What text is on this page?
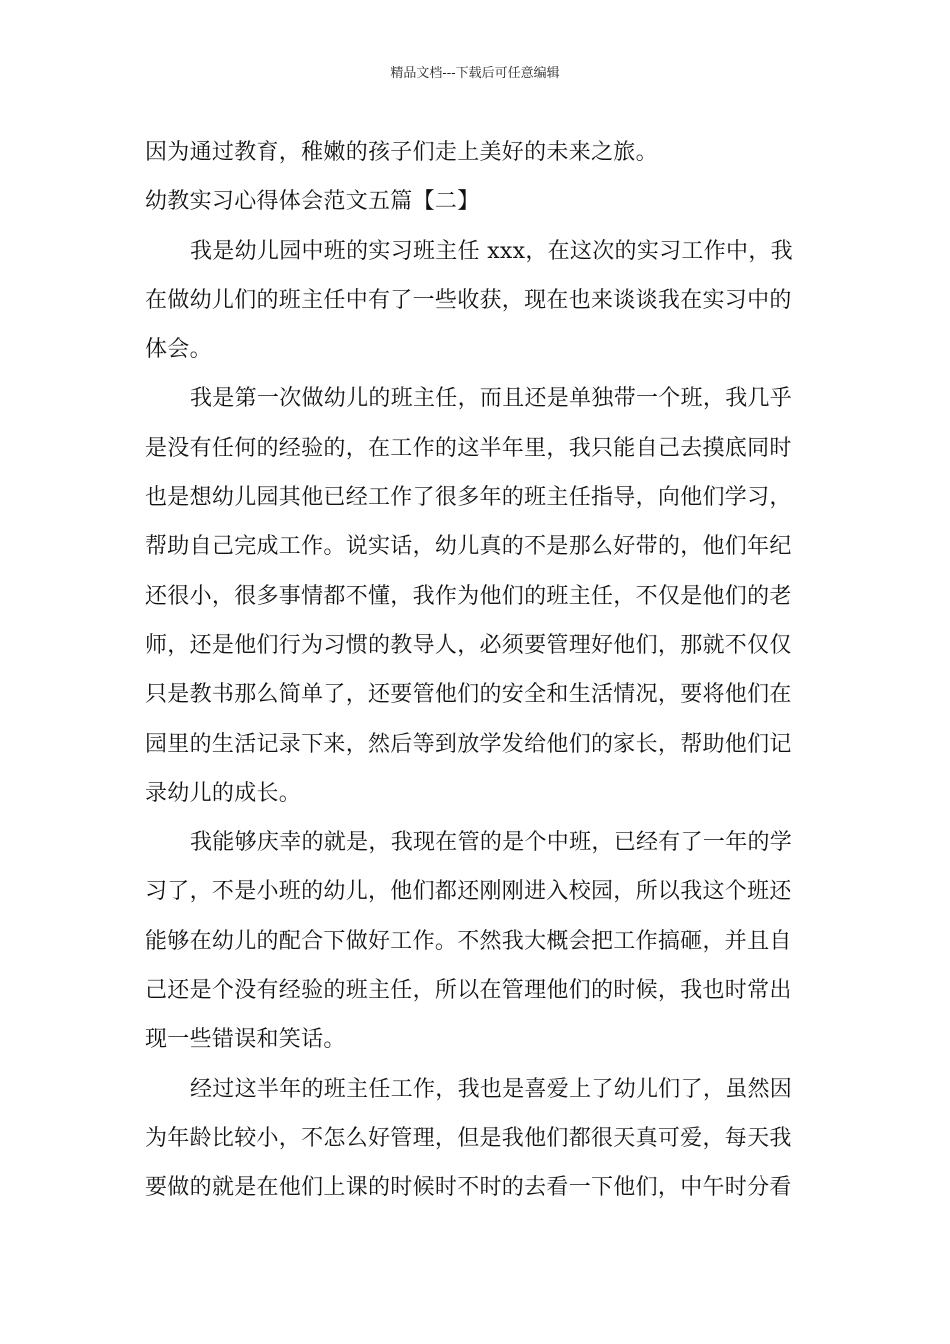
精品文档---下载后可任意编辑
因为通过教育，稚嫩的孩子们走上美好的未来之旅。
幼教实习心得体会范文五篇【二】
我是幼儿园中班的实习班主任 xxx，在这次的实习工作中，我
在做幼儿们的班主任中有了一些收获，现在也来谈谈我在实习中的
体会。
我是第一次做幼儿的班主任，而且还是单独带一个班，我几乎
是没有任何的经验的，在工作的这半年里，我只能自己去摸底同时
也是想幼儿园其他已经工作了很多年的班主任指导，向他们学习，
帮助自己完成工作。说实话，幼儿真的不是那么好带的，他们年纪
还很小，很多事情都不懂，我作为他们的班主任，不仅是他们的老
师，还是他们行为习惯的教导人，必须要管理好他们，那就不仅仅
只是教书那么简单了，还要管他们的安全和生活情况，要将他们在
园里的生活记录下来，然后等到放学发给他们的家长，帮助他们记
录幼儿的成长。
我能够庆幸的就是，我现在管的是个中班，已经有了一年的学
习了，不是小班的幼儿，他们都还刚刚进入校园，所以我这个班还
能够在幼儿的配合下做好工作。不然我大概会把工作搞砸，并且自
己还是个没有经验的班主任，所以在管理他们的时候，我也时常出
现一些错误和笑话。
经过这半年的班主任工作，我也是喜爱上了幼儿们了，虽然因
为年龄比较小，不怎么好管理，但是我他们都很天真可爱，每天我
要做的就是在他们上课的时候时不时的去看一下他们，中午时分看
